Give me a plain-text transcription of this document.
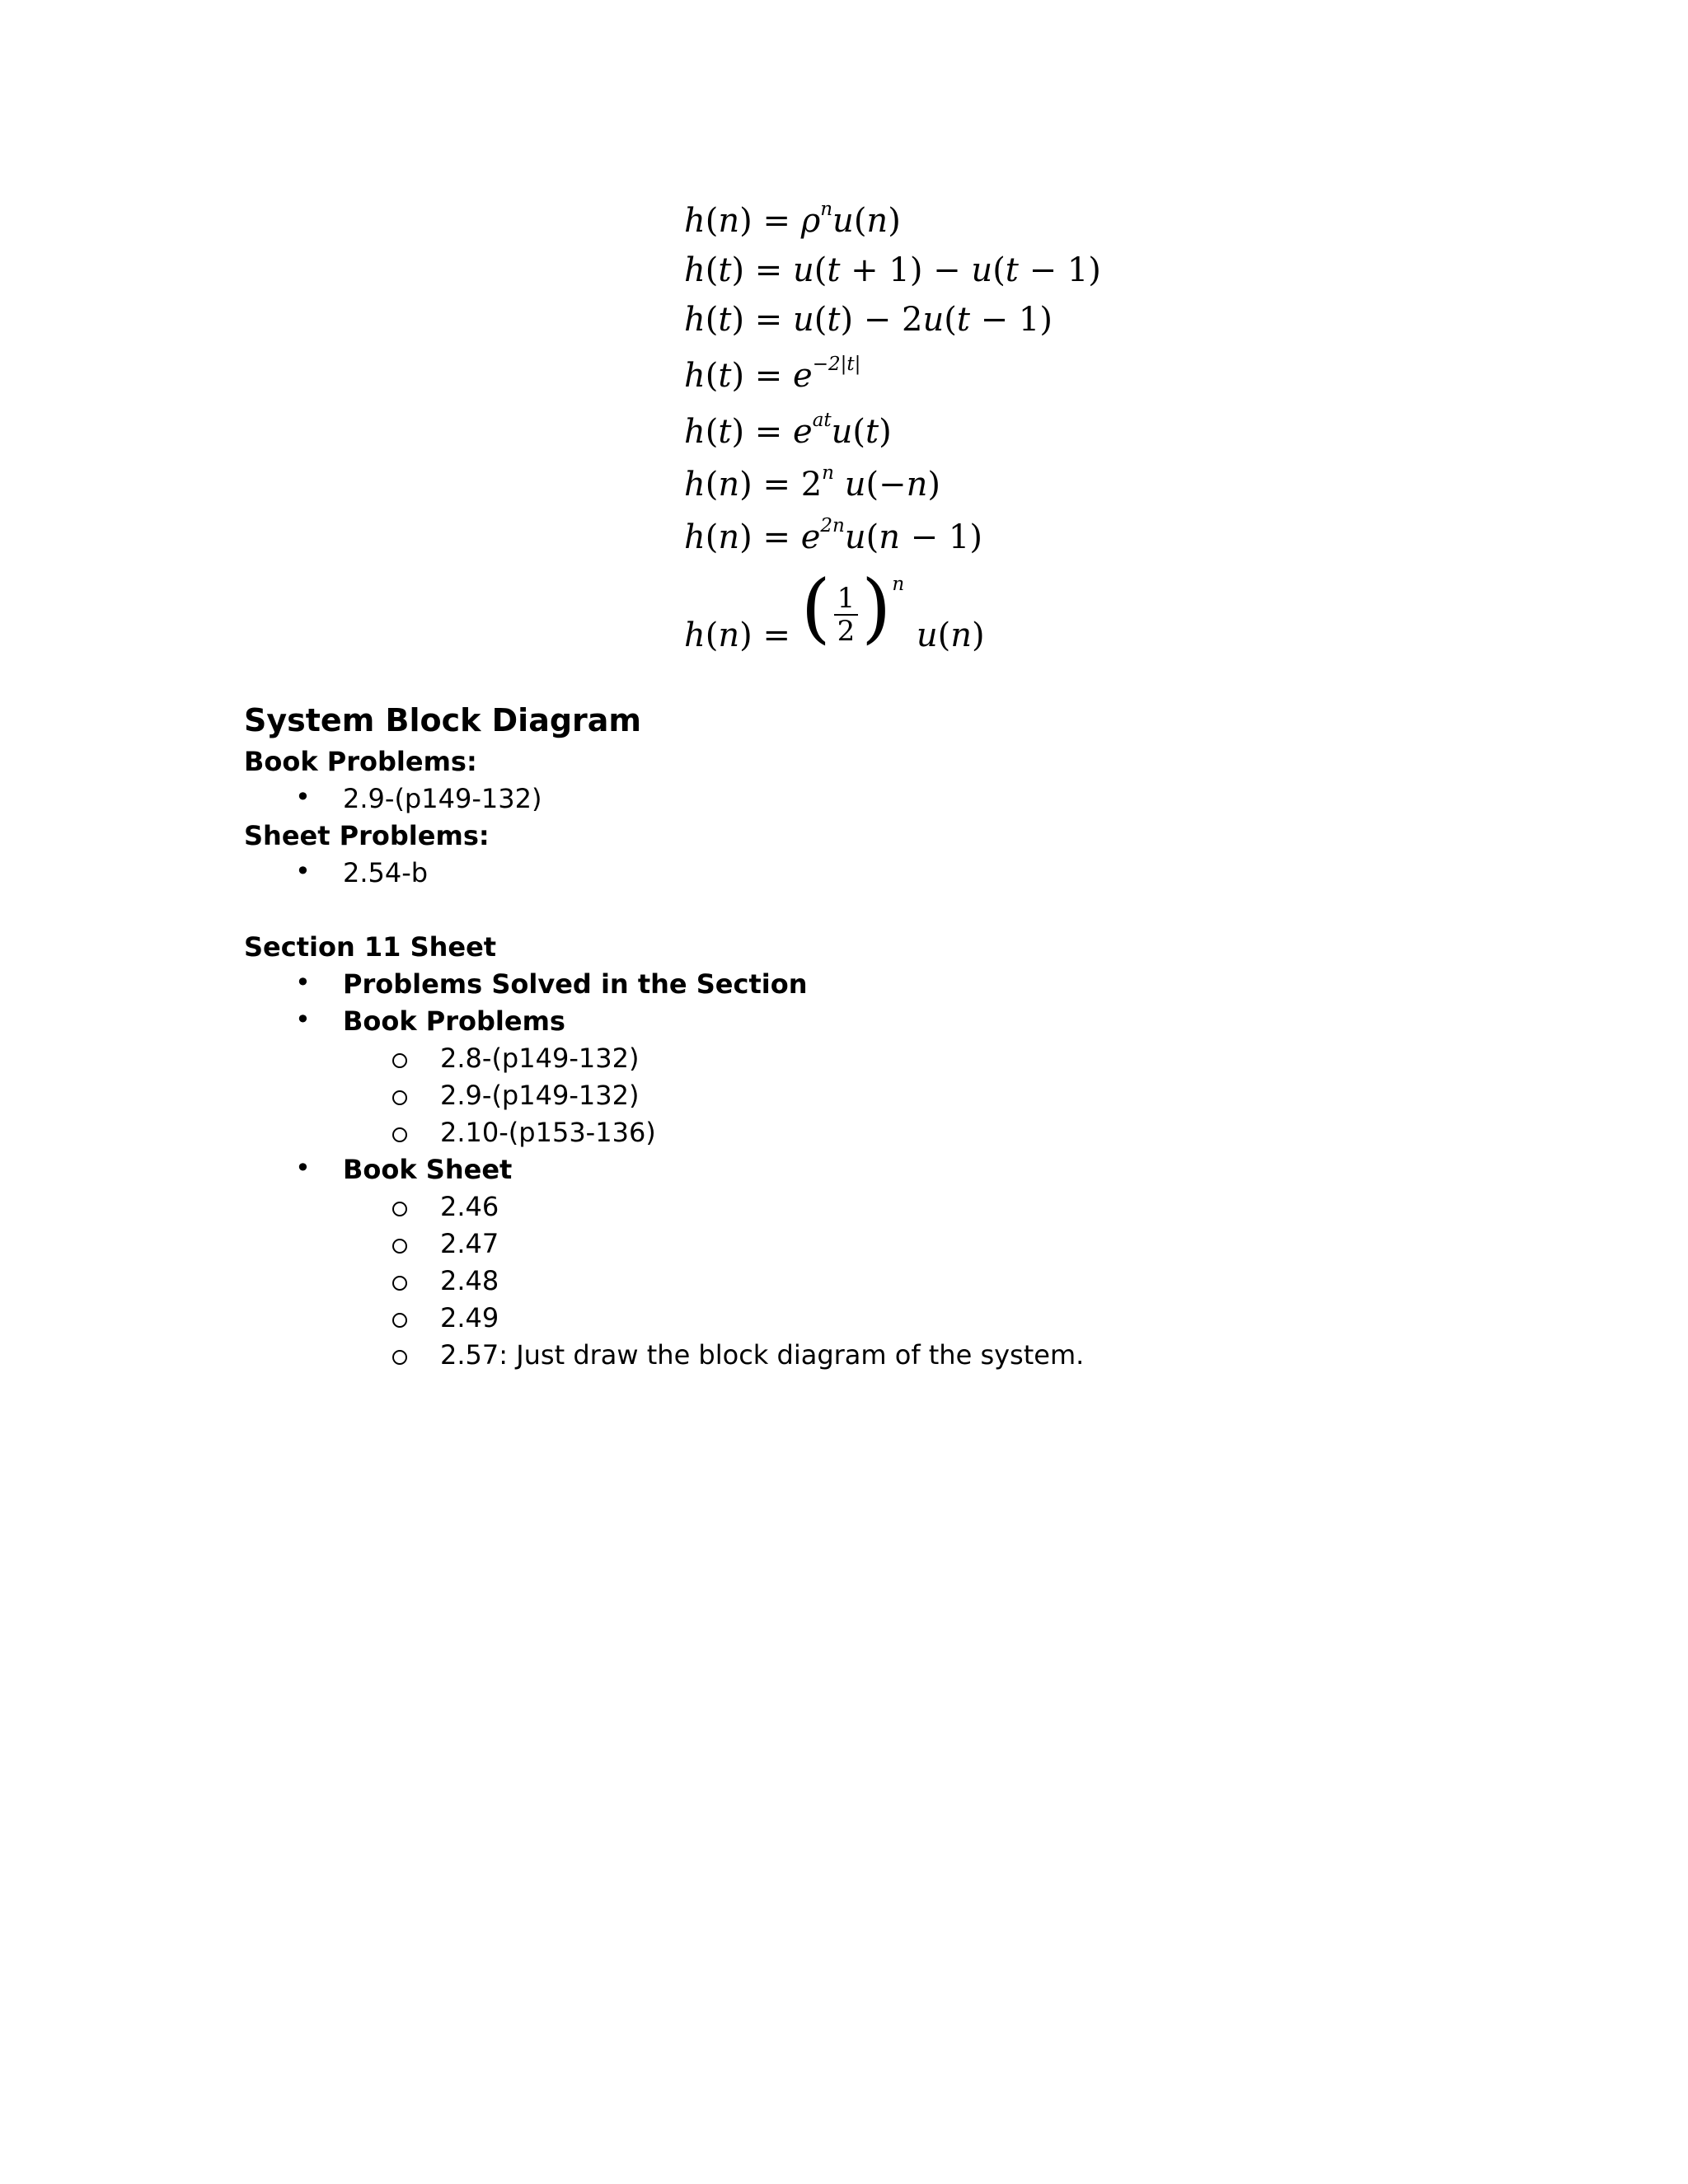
$h(n) = \rho^nu(n)$
h(t) = u(t + 1) − u(t − 1)
h(t) = u(t) − 2u(t − 1)
$h(t) = e^{-2|t|}$
$h(t) = e^{at}u(t)$
$h(n) = 2^n$ u(−n)
$h(n) = e^{2n}u(n - 1)$
h(n) = ( $\frac{1}{2}$ ) n
u(n)
System Block Diagram
Book Problems:
• 2.9-(p149-132)
Sheet Problems:
• 2.54-b
Section 11 Sheet
• Problems Solved in the Section
• Book Problems
2.8-(p149-132)
2.9-(p149-132)
2.10-(p153-136)
• Book Sheet
2.46
2.47
2.48
2.49
2.57: Just draw the block diagram of the system.
